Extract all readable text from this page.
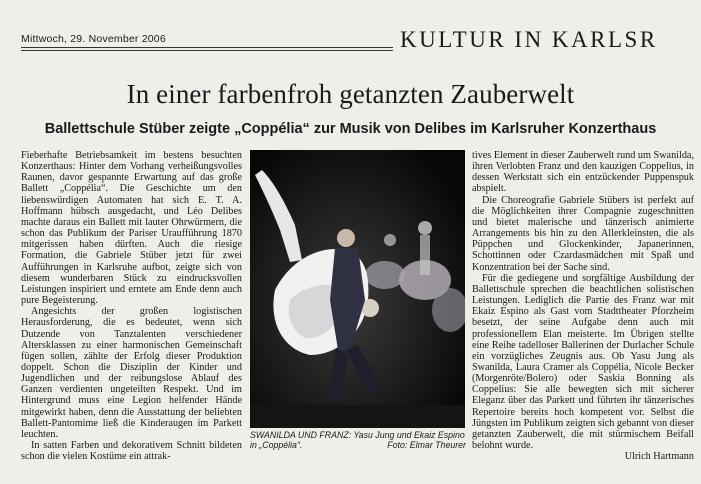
Mittwoch, 29. November 2006	KULTUR IN KARLSR
In einer farbenfroh getanzten Zauberwelt
Ballettschule Stüber zeigte „Coppélia“ zur Musik von Delibes im Karlsruher Konzerthaus

Fieberhafte Betriebsamkeit im bestens besuchten Konzerthaus: Hinter dem Vorhang verheißungsvolles Raunen, davor gespannte Erwartung auf das große Ballett „Coppélia“. Die Geschichte um den liebenswürdigen Automaten hat sich E. T. A. Hoffmann hübsch ausgedacht, und Léo Delibes machte daraus ein Ballett mit lauter Ohrwürmern, die schon das Publikum der Pariser Uraufführung 1870 mitgerissen haben dürften. Auch die riesige Formation, die Gabriele Stüber jetzt für zwei Aufführungen in Karlsruhe aufbot, zeigte sich von diesem wunderbaren Stück zu eindrucksvollen Leistungen inspiriert und erntete am Ende denn auch pure Begeisterung.

Angesichts der großen logistischen Herausforderung, die es bedeutet, wenn sich Dutzende von Tanztalenten verschiedener Altersklassen zu einer harmonischen Gemeinschaft fügen sollen, zählte der Erfolg dieser Produktion doppelt. Schon die Disziplin der Kinder und Jugendlichen und der reibungslose Ablauf des Ganzen verdienten ungeteilten Respekt. Und im Hintergrund muss eine Legion helfender Hände mitgewirkt haben, denn die Ausstattung der beliebten Ballett-Pantomime ließ die Kinderaugen im Parkett leuchten.

In satten Farben und dekorativem Schnitt bildeten schon die vielen Kostüme ein attrak-

SWANILDA UND FRANZ: Yasu Jung und Ekaiz Espino in „Coppélia“.	Foto: Elmar Theurer

tives Element in dieser Zauberwelt rund um Swanilda, ihren Verlobten Franz und den kauzigen Coppelius, in dessen Werkstatt sich ein entzückender Puppenspuk abspielt.

Die Choreografie Gabriele Stübers ist perfekt auf die Möglichkeiten ihrer Compagnie zugeschnitten und bietet malerische und tänzerisch animierte Arrangements bis hin zu den Allerkleinsten, die als Püppchen und Glockenkinder, Japanerinnen, Schottinnen oder Czardasmädchen mit Spaß und Konzentration bei der Sache sind.

Für die gediegene und sorgfältige Ausbildung der Ballettschule sprechen die beachtlichen solistischen Leistungen. Lediglich die Partie des Franz war mit Ekaiz Espino als Gast vom Stadttheater Pforzheim besetzt, der seine Aufgabe denn auch mit professionellem Elan meisterte. Im Übrigen stellte eine Reihe tadelloser Ballerinen der Durlacher Schule ein vorzügliches Zeugnis aus. Ob Yasu Jung als Swanilda, Laura Cramer als Coppélia, Nicole Becker (Morgenröte/Bolero) oder Saskia Bonning als Coppelius: Sie alle bewegten sich mit sicherer Eleganz über das Parkett und führten ihr tänzerisches Repertoire bereits hoch kompetent vor. Selbst die Jüngsten im Publikum zeigten sich gebannt von dieser getanzten Zauberwelt, die mit stürmischem Beifall belohnt wurde.

Ulrich Hartmann
